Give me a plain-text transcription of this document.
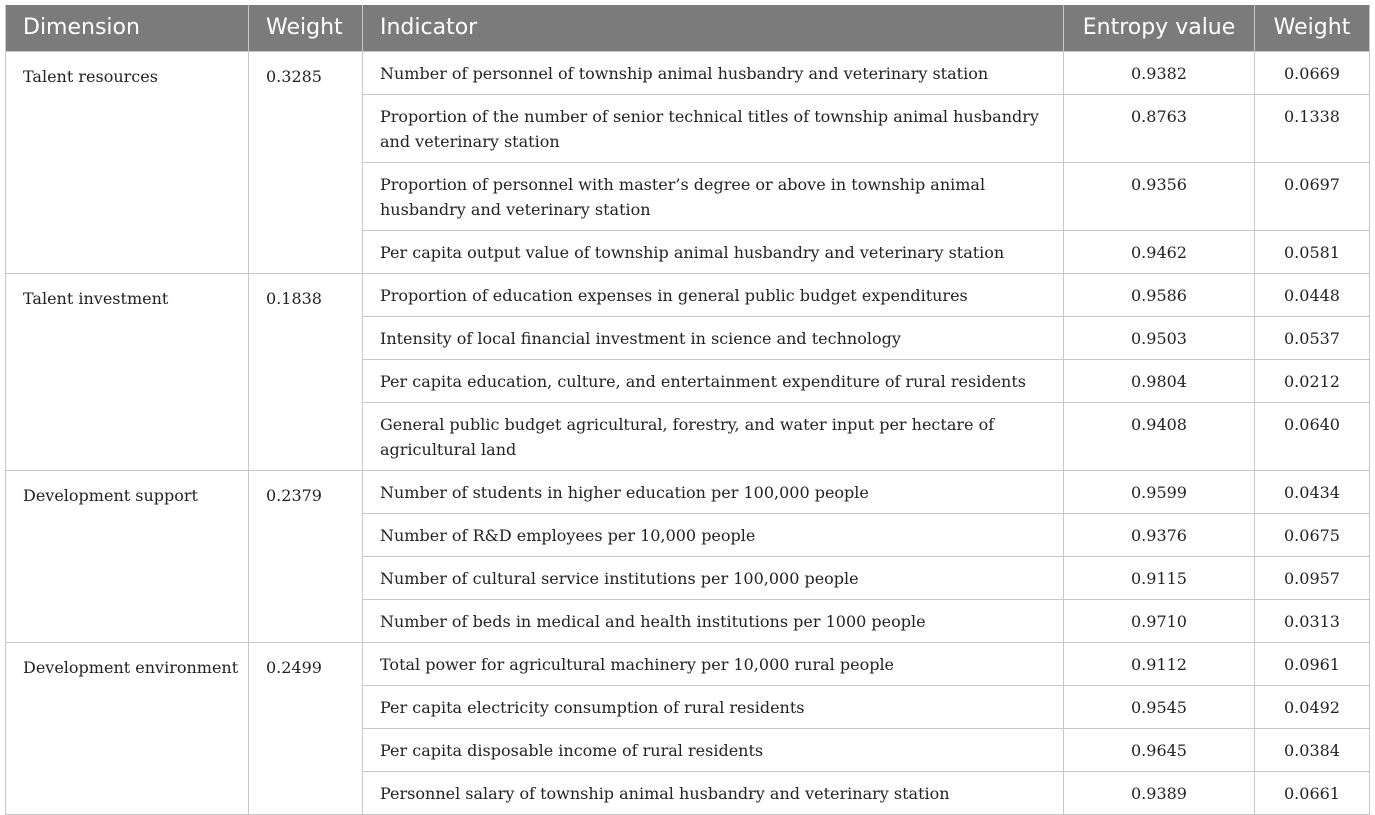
Dimension	Weight	Indicator	Entropy value	Weight
Talent resources	0.3285	Number of personnel of township animal husbandry and veterinary station	0.9382	0.0669
		Proportion of the number of senior technical titles of township animal husbandry and veterinary station	0.8763	0.1338
		Proportion of personnel with master’s degree or above in township animal husbandry and veterinary station	0.9356	0.0697
		Per capita output value of township animal husbandry and veterinary station	0.9462	0.0581
Talent investment	0.1838	Proportion of education expenses in general public budget expenditures	0.9586	0.0448
		Intensity of local financial investment in science and technology	0.9503	0.0537
		Per capita education, culture, and entertainment expenditure of rural residents	0.9804	0.0212
		General public budget agricultural, forestry, and water input per hectare of agricultural land	0.9408	0.0640
Development support	0.2379	Number of students in higher education per 100,000 people	0.9599	0.0434
		Number of R&D employees per 10,000 people	0.9376	0.0675
		Number of cultural service institutions per 100,000 people	0.9115	0.0957
		Number of beds in medical and health institutions per 1000 people	0.9710	0.0313
Development environment	0.2499	Total power for agricultural machinery per 10,000 rural people	0.9112	0.0961
		Per capita electricity consumption of rural residents	0.9545	0.0492
		Per capita disposable income of rural residents	0.9645	0.0384
		Personnel salary of township animal husbandry and veterinary station	0.9389	0.0661
